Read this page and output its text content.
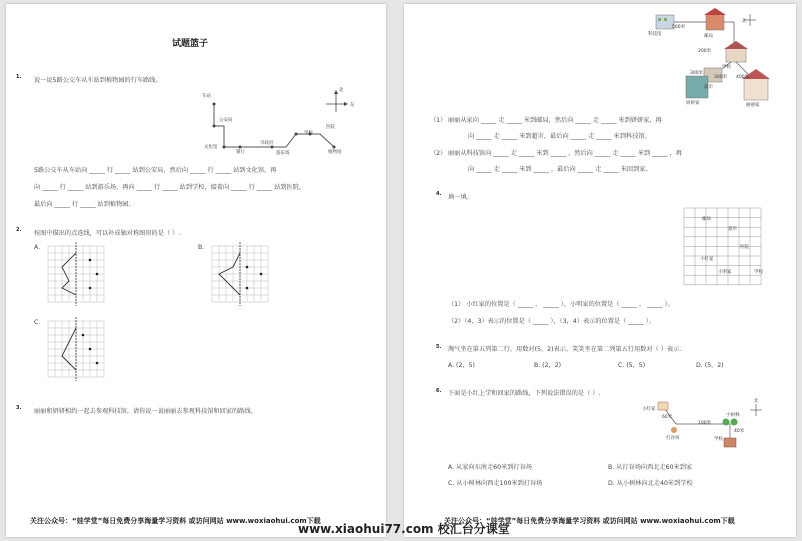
试题篮子
1. 说一说5路公交车从车站到植物园的行车路线。
车站
公安局
文化馆
银行
市政府
游乐场
学校
医院
植物园
北
东
5路公交车从车站向 _____ 行 _____ 站到公安局，然后向 _____ 行 _____ 站到文化馆，再
向 _____ 行 _____ 站到游乐场，再向 _____ 行 _____ 站到学校，接着向 _____ 行 _____ 站到医院，
最后向 _____ 行 _____ 站到植物园。
2. 按图中描出的点连线，可以补成轴对称图形的是（ ）.
A.	B.
C.
3. 丽丽和妍妍相约一起去参观科技馆。请你说一说丽丽去参观科技馆和回家的路线。
关注公众号：“娃学堂”每日免费分享海量学习资料 或访问网站 www.woxiaohui.com下载
科技馆	邮局
北
学校
超市
妍妍家	丽丽家
500米
200米
400米
300米
300米
丽丽从家向 _____ 走 _____ 米到邮局，然后向 _____ 走 _____ 米到妍妍家，再
（1）
向 _____ 走 _____ 米到超市，最后向 _____ 走 _____ 米到科技馆。
（2） 丽丽从科技馆向 _____ 走 _____ 米到 _____ ，然后向 _____ 走 _____ 米到 _____ ，再
向 _____ 走 _____ 米到 _____ ，最后向 _____ 走 _____ 米回到家。
4. 填一填。
邮局
小红家
超市
小明家	学校
医院
（1） 小红家的位置是（ _____ ， _____ ），小明家的位置是（ _____ ， _____ ）。
（2）（4，3）表示的位置是（ _____ ），（3，4）表示的位置是（ _____ ）。
5. 淘气坐在第五列第二行，用数对(5，2)表示。笑笑坐在第二列第五行用数对（ ）表示.
A. (2，5)	B. (2，2)	C. (5，5)	D. (5，2)
6. 下面是小红上学和回家的路线，下列说法错误的是（ ）.
小红家
打谷场
小树林
学校
60米
100米
40米
北
A. 从家向东南走60米到打谷场	B. 从打谷场向西北走60米到家
C. 从小树林向西走100米到打谷场	D. 从小树林向北走40米到学校
关注公众号：“娃学堂”每日免费分享海量学习资料 或访问网站 www.woxiaohui.com下载
www.xiaohui77.com 校汇台分课堂
